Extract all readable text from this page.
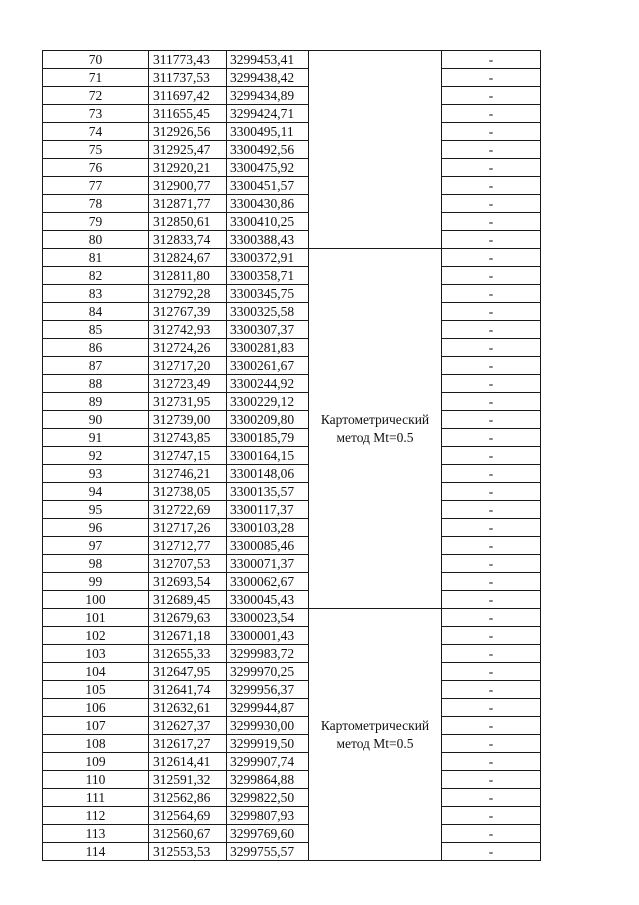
70	311773,43	3299453,41		-
71	311737,53	3299438,42		-
72	311697,42	3299434,89		-
73	311655,45	3299424,71		-
74	312926,56	3300495,11		-
75	312925,47	3300492,56		-
76	312920,21	3300475,92		-
77	312900,77	3300451,57		-
78	312871,77	3300430,86		-
79	312850,61	3300410,25		-
80	312833,74	3300388,43		-
81	312824,67	3300372,91	Картометрический метод Mt=0.5	-
82	312811,80	3300358,71		-
83	312792,28	3300345,75		-
84	312767,39	3300325,58		-
85	312742,93	3300307,37		-
86	312724,26	3300281,83		-
87	312717,20	3300261,67		-
88	312723,49	3300244,92		-
89	312731,95	3300229,12		-
90	312739,00	3300209,80		-
91	312743,85	3300185,79		-
92	312747,15	3300164,15		-
93	312746,21	3300148,06		-
94	312738,05	3300135,57		-
95	312722,69	3300117,37		-
96	312717,26	3300103,28		-
97	312712,77	3300085,46		-
98	312707,53	3300071,37		-
99	312693,54	3300062,67		-
100	312689,45	3300045,43		-
101	312679,63	3300023,54	Картометрический метод Mt=0.5	-
102	312671,18	3300001,43		-
103	312655,33	3299983,72		-
104	312647,95	3299970,25		-
105	312641,74	3299956,37		-
106	312632,61	3299944,87		-
107	312627,37	3299930,00		-
108	312617,27	3299919,50		-
109	312614,41	3299907,74		-
110	312591,32	3299864,88		-
111	312562,86	3299822,50		-
112	312564,69	3299807,93		-
113	312560,67	3299769,60		-
114	312553,53	3299755,57		-
